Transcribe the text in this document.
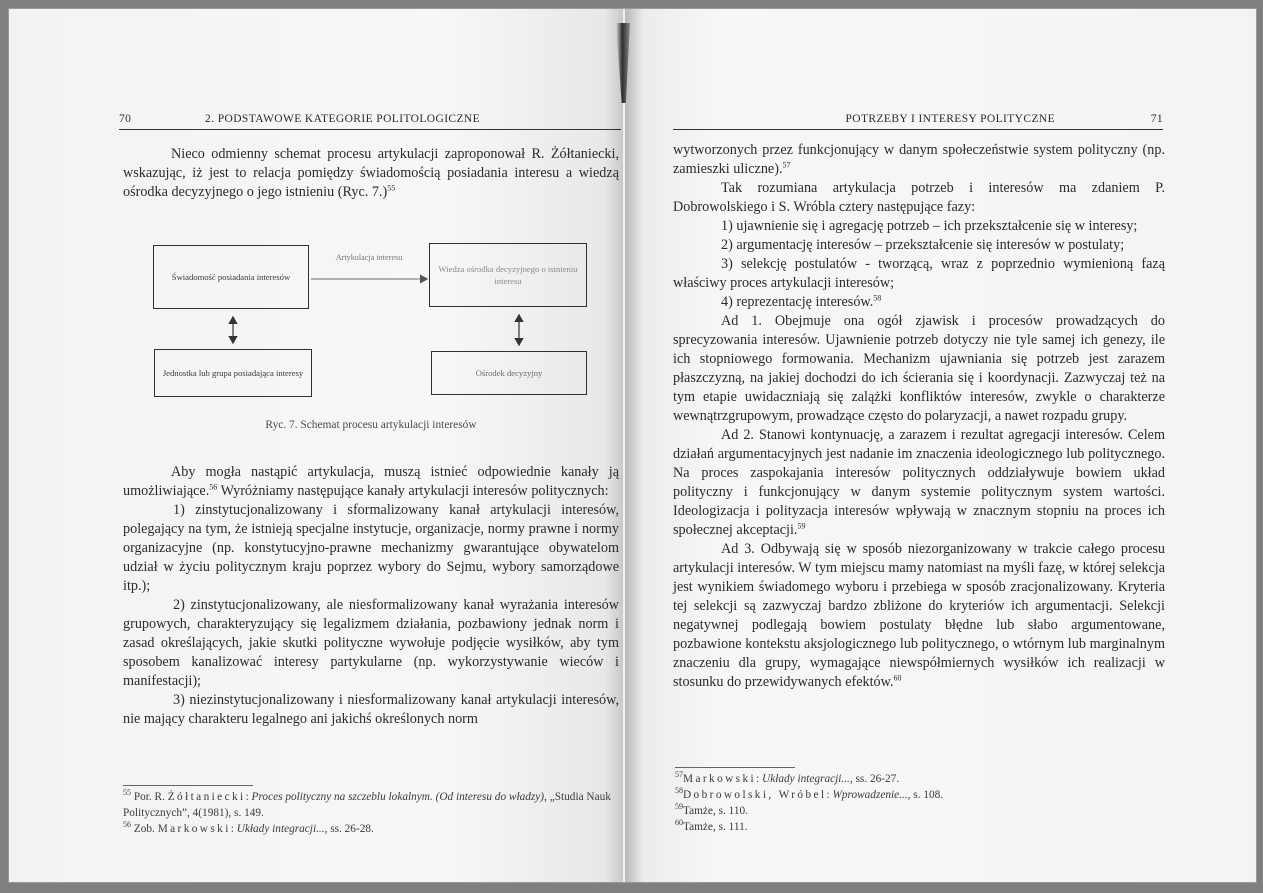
70	2. PODSTAWOWE KATEGORIE POLITOLOGICZNE

Nieco odmienny schemat procesu artykulacji zaproponował R. Żółtaniecki, wskazując, iż jest to relacja pomiędzy świadomością posiadania interesu a wiedzą ośrodka decyzyjnego o jego istnieniu (Ryc. 7.)$^{55}$

Świadomość posiadania interesów
Artykulacja interesu
Wiedza ośrodka decyzyjnego o istnieniu interesu
Jednostka lub grupa posiadająca interesy	Ośrodek decyzyjny
Ryc. 7. Schemat procesu artykulacji interesów

Aby mogła nastąpić artykulacja, muszą istnieć odpowiednie kanały ją umożliwiające.$^{56}$ Wyróżniamy następujące kanały artykulacji interesów politycznych:

1) zinstytucjonalizowany i sformalizowany kanał artykulacji interesów, polegający na tym, że istnieją specjalne instytucje, organizacje, normy prawne i normy organizacyjne (np. konstytucyjno-prawne mechanizmy gwarantujące obywatelom udział w życiu politycznym kraju poprzez wybory do Sejmu, wybory samorządowe itp.);

2) zinstytucjonalizowany, ale niesformalizowany kanał wyrażania interesów grupowych, charakteryzujący się legalizmem działania, pozbawiony jednak norm i zasad określających, jakie skutki polityczne wywołuje podjęcie wysiłków, aby tym sposobem kanalizować interesy partykularne (np. wykorzystywanie wieców i manifestacji);

3) niezinstytucjonalizowany i niesformalizowany kanał artykulacji interesów, nie mający charakteru legalnego ani jakichś określonych norm

$^{55}$ Por. R. Żółtaniecki: Proces polityczny na szczeblu lokalnym. (Od interesu do władzy), „Studia Nauk Politycznych”, 4(1981), s. 149.
$^{56}$ Zob. Markowski: Układy integracji..., ss. 26-28.
POTRZEBY I INTERESY POLITYCZNE	71

wytworzonych przez funkcjonujący w danym społeczeństwie system polityczny (np. zamieszki uliczne).$^{57}$

Tak rozumiana artykulacja potrzeb i interesów ma zdaniem P. Dobrowolskiego i S. Wróbla cztery następujące fazy:

1) ujawnienie się i agregację potrzeb – ich przekształcenie się w interesy;

2) argumentację interesów – przekształcenie się interesów w postulaty;

3) selekcję postulatów - tworzącą, wraz z poprzednio wymienioną fazą właściwy proces artykulacji interesów;

4) reprezentację interesów.$^{58}$

Ad 1. Obejmuje ona ogół zjawisk i procesów prowadzących do sprecyzowania interesów. Ujawnienie potrzeb dotyczy nie tyle samej ich genezy, ile ich stopniowego formowania. Mechanizm ujawniania się potrzeb jest zarazem płaszczyzną, na jakiej dochodzi do ich ścierania się i koordynacji. Zazwyczaj też na tym etapie uwidaczniają się zalążki konfliktów interesów, zwykle o charakterze wewnątrzgrupowym, prowadzące często do polaryzacji, a nawet rozpadu grupy.

Ad 2. Stanowi kontynuację, a zarazem i rezultat agregacji interesów. Celem działań argumentacyjnych jest nadanie im znaczenia ideologicznego lub politycznego. Na proces zaspokajania interesów politycznych oddziaływuje bowiem układ polityczny i funkcjonujący w danym systemie politycznym system wartości. Ideologizacja i polityzacja interesów wpływają w znacznym stopniu na proces ich społecznej akceptacji.$^{59}$

Ad 3. Odbywają się w sposób niezorganizowany w trakcie całego procesu artykulacji interesów. W tym miejscu mamy natomiast na myśli fazę, w której selekcja jest wynikiem świadomego wyboru i przebiega w sposób zracjonalizowany. Kryteria tej selekcji są zazwyczaj bardzo zbliżone do kryteriów ich argumentacji. Selekcji negatywnej podlegają bowiem postulaty błędne lub słabo argumentowane, pozbawione kontekstu aksjologicznego lub politycznego, o wtórnym lub marginalnym znaczeniu dla grupy, wymagające niewspółmiernych wysiłków ich realizacji w stosunku do przewidywanych efektów.$^{60}$

$^{57}$Markowski: Układy integracji..., ss. 26-27.
$^{58}$Dobrowolski, Wróbel: Wprowadzenie..., s. 108.
$^{59}$Tamże, s. 110.
$^{60}$Tamże, s. 111.
